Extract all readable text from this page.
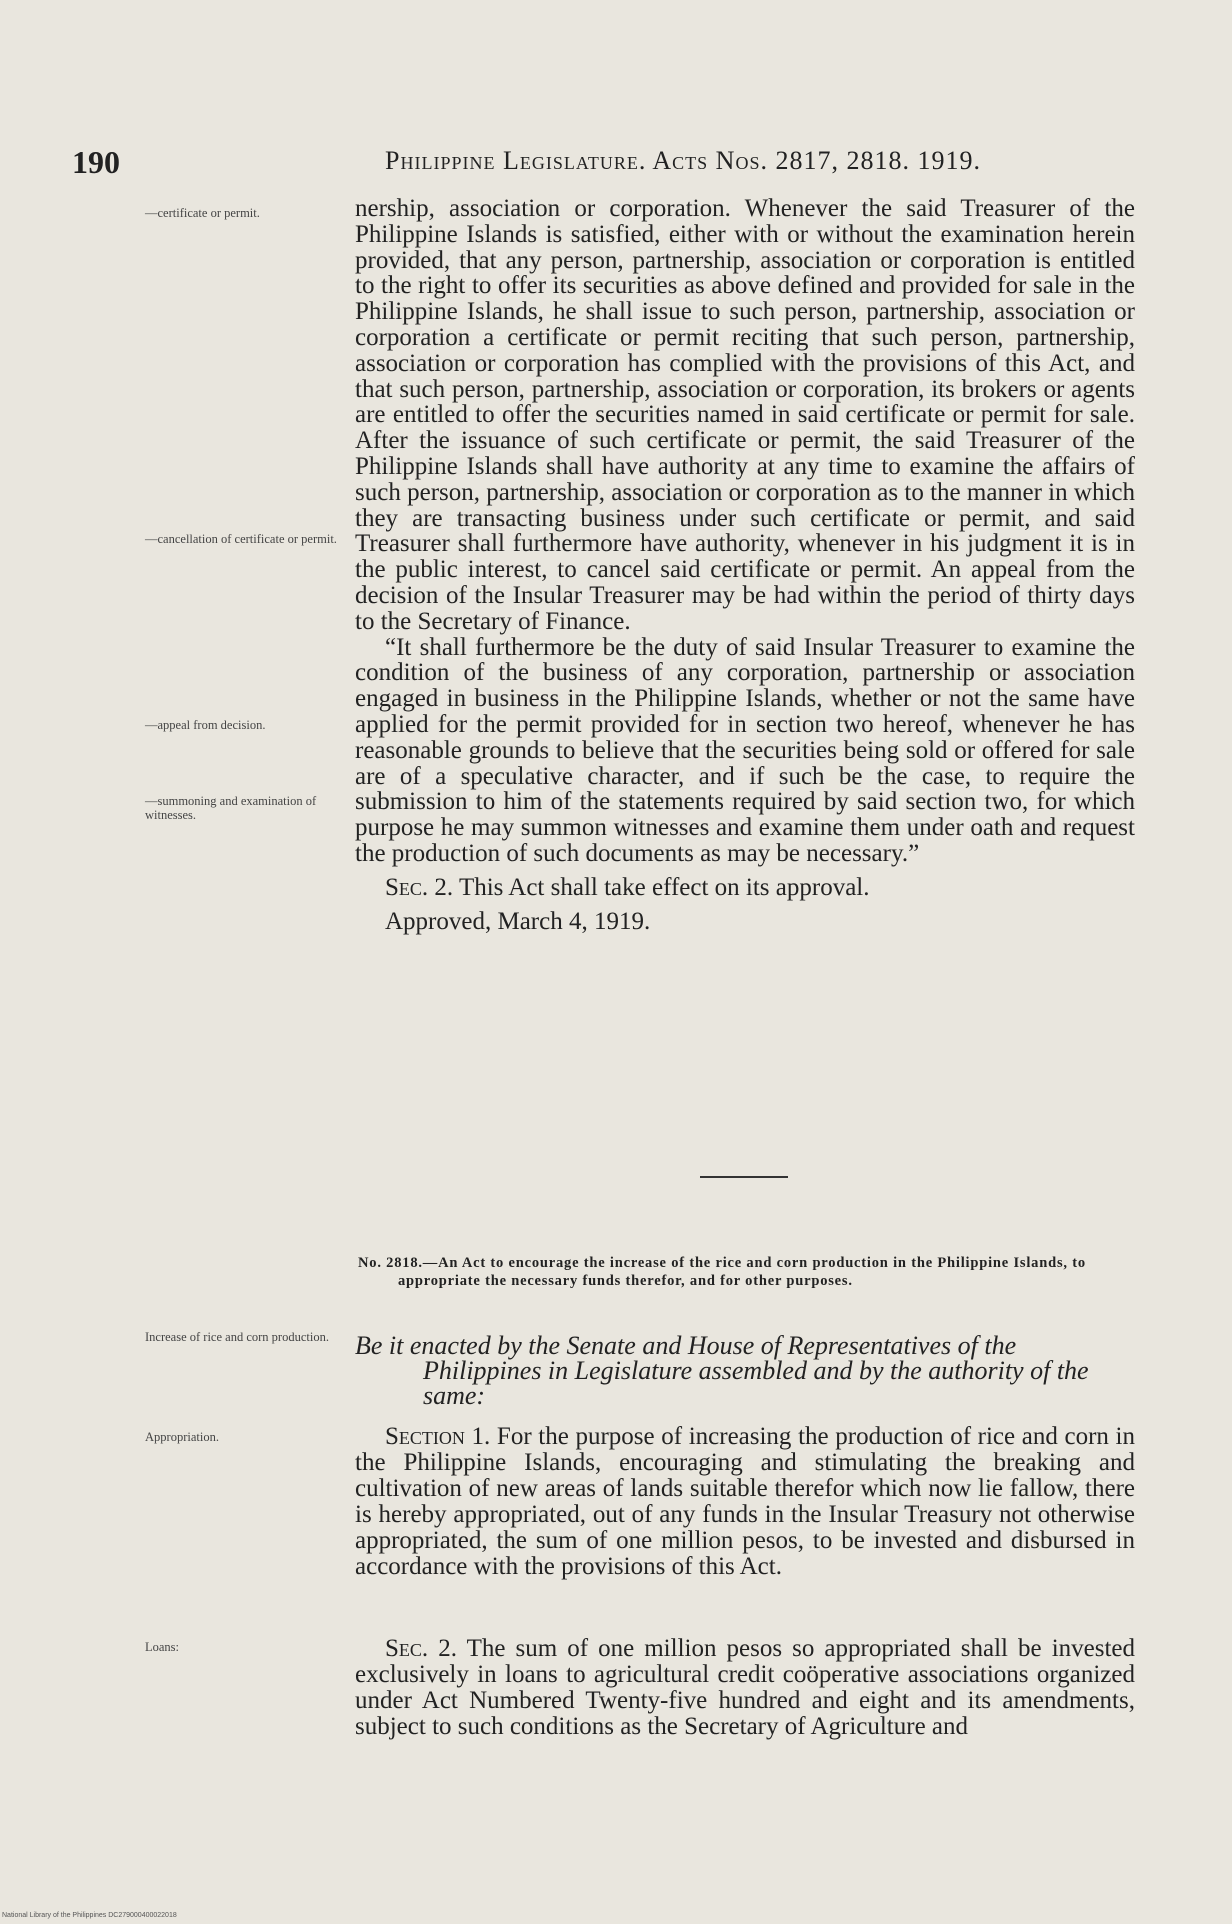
190	Philippine Legislature. Acts Nos. 2817, 2818. 1919.
—certificate or permit.
—cancellation of certificate or permit.
—appeal from decision.
—summoning and examination of witnesses.
Increase of rice and corn production.
Appropriation.
Loans:

nership, association or corporation. Whenever the said Treasurer of the Philippine Islands is satisfied, either with or without the examination herein provided, that any person, partnership, association or corporation is entitled to the right to offer its securities as above defined and provided for sale in the Philippine Islands, he shall issue to such person, partnership, association or corporation a certificate or permit reciting that such person, partnership, association or corporation has complied with the provisions of this Act, and that such person, partnership, association or corporation, its brokers or agents are entitled to offer the securities named in said certificate or permit for sale. After the issuance of such certificate or permit, the said Treasurer of the Philippine Islands shall have authority at any time to examine the affairs of such person, partnership, association or corporation as to the manner in which they are transacting business under such certificate or permit, and said Treasurer shall furthermore have authority, whenever in his judgment it is in the public interest, to cancel said certificate or permit. An appeal from the decision of the Insular Treasurer may be had within the period of thirty days to the Secretary of Finance.

“It shall furthermore be the duty of said Insular Treasurer to examine the condition of the business of any corporation, partnership or association engaged in business in the Philippine Islands, whether or not the same have applied for the permit provided for in section two hereof, whenever he has reasonable grounds to believe that the securities being sold or offered for sale are of a speculative character, and if such be the case, to require the submission to him of the statements required by said section two, for which purpose he may summon witnesses and examine them under oath and request the production of such documents as may be necessary.”

Sec. 2. This Act shall take effect on its approval.

Approved, March 4, 1919.

No. 2818.—An Act to encourage the increase of the rice and corn production in the Philippine Islands, to appropriate the necessary funds therefor, and for other purposes.
Be it enacted by the Senate and House of Representatives of the Philippines in Legislature assembled and by the authority of the same:

Section 1. For the purpose of increasing the production of rice and corn in the Philippine Islands, encouraging and stimulating the breaking and cultivation of new areas of lands suitable therefor which now lie fallow, there is hereby appropriated, out of any funds in the Insular Treasury not otherwise appropriated, the sum of one million pesos, to be invested and disbursed in accordance with the provisions of this Act.

Sec. 2. The sum of one million pesos so appropriated shall be invested exclusively in loans to agricultural credit coöperative associations organized under Act Numbered Twenty-five hundred and eight and its amendments, subject to such conditions as the Secretary of Agriculture and

National Library of the Philippines DC279000400022018
